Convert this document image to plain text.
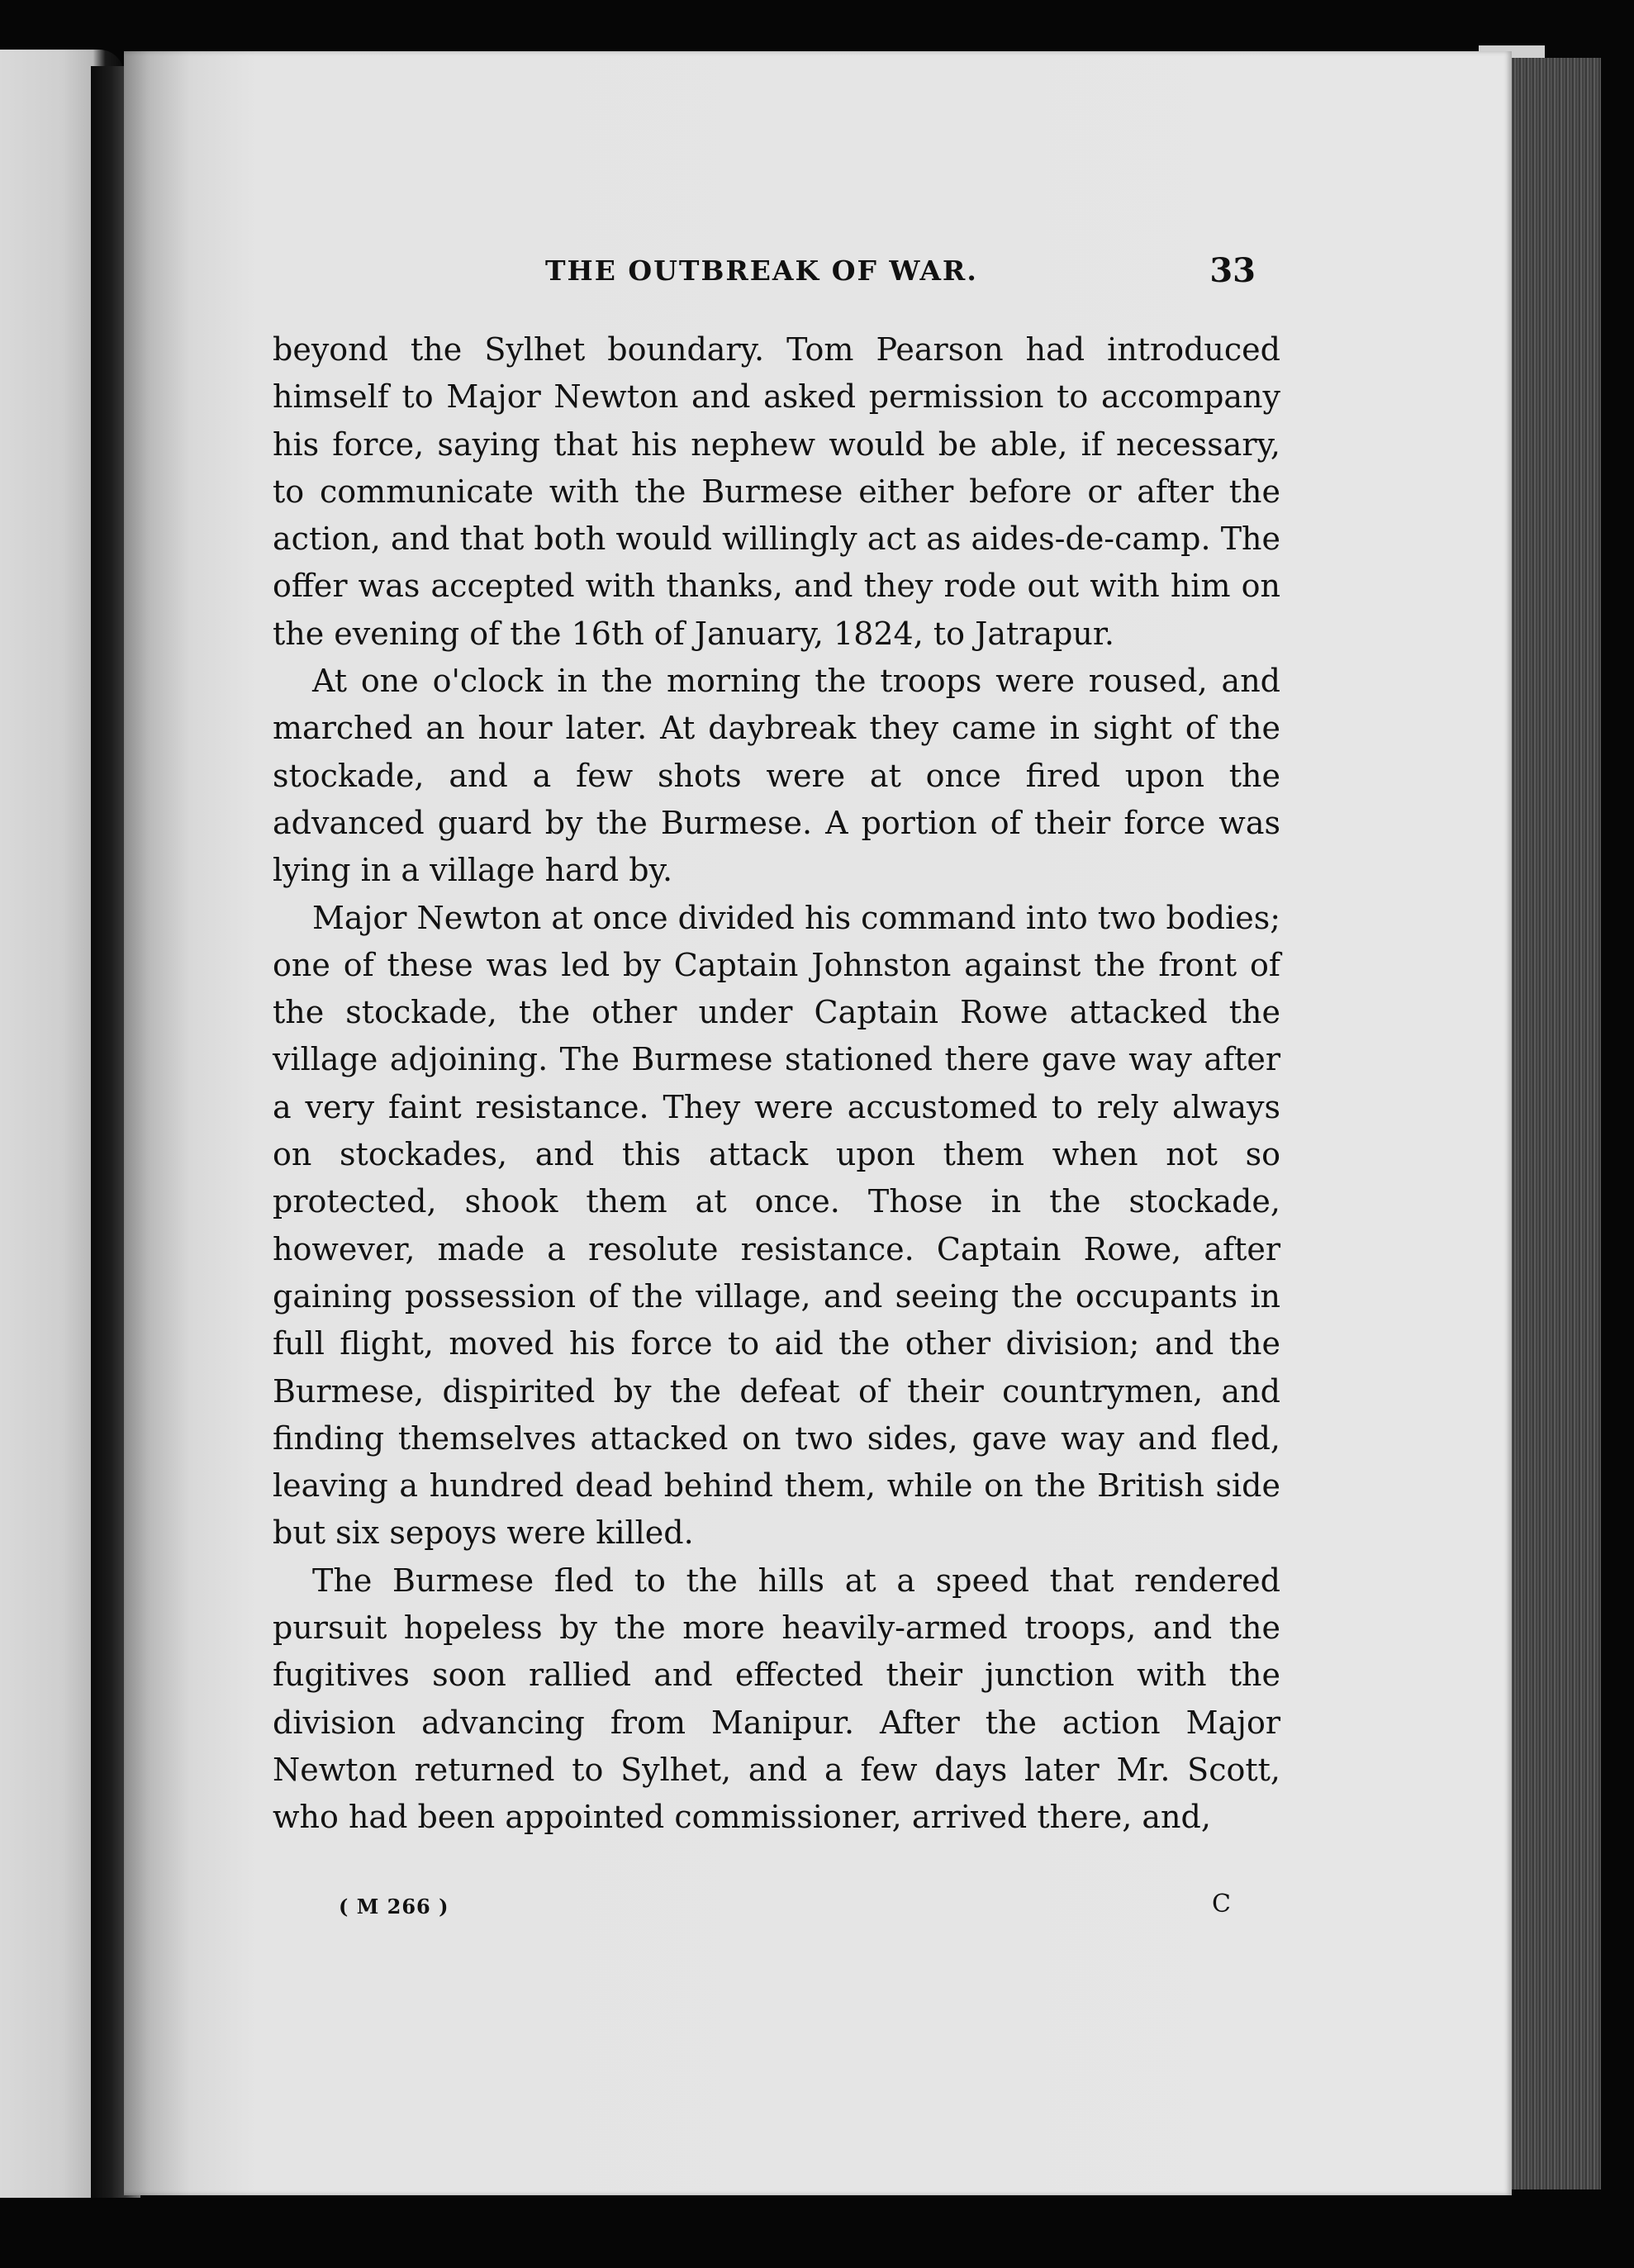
THE OUTBREAK OF WAR.	33

beyond the Sylhet boundary. Tom Pearson had introduced himself to Major Newton and asked permission to accompany his force, saying that his nephew would be able, if necessary, to communicate with the Burmese either before or after the action, and that both would willingly act as aides-de-camp. The offer was accepted with thanks, and they rode out with him on the evening of the 16th of January, 1824, to Jatrapur.

At one o'clock in the morning the troops were roused, and marched an hour later. At daybreak they came in sight of the stockade, and a few shots were at once fired upon the advanced guard by the Burmese. A portion of their force was lying in a village hard by.

Major Newton at once divided his command into two bodies; one of these was led by Captain Johnston against the front of the stockade, the other under Captain Rowe attacked the village adjoining. The Burmese stationed there gave way after a very faint resistance. They were accustomed to rely always on stockades, and this attack upon them when not so protected, shook them at once. Those in the stockade, however, made a resolute resistance. Captain Rowe, after gaining possession of the village, and seeing the occupants in full flight, moved his force to aid the other division; and the Burmese, dispirited by the defeat of their countrymen, and finding themselves attacked on two sides, gave way and fled, leaving a hundred dead behind them, while on the British side but six sepoys were killed.

The Burmese fled to the hills at a speed that rendered pursuit hopeless by the more heavily-armed troops, and the fugitives soon rallied and effected their junction with the division advancing from Manipur. After the action Major Newton returned to Sylhet, and a few days later Mr. Scott, who had been appointed commissioner, arrived there, and,

( M 266 )	C
